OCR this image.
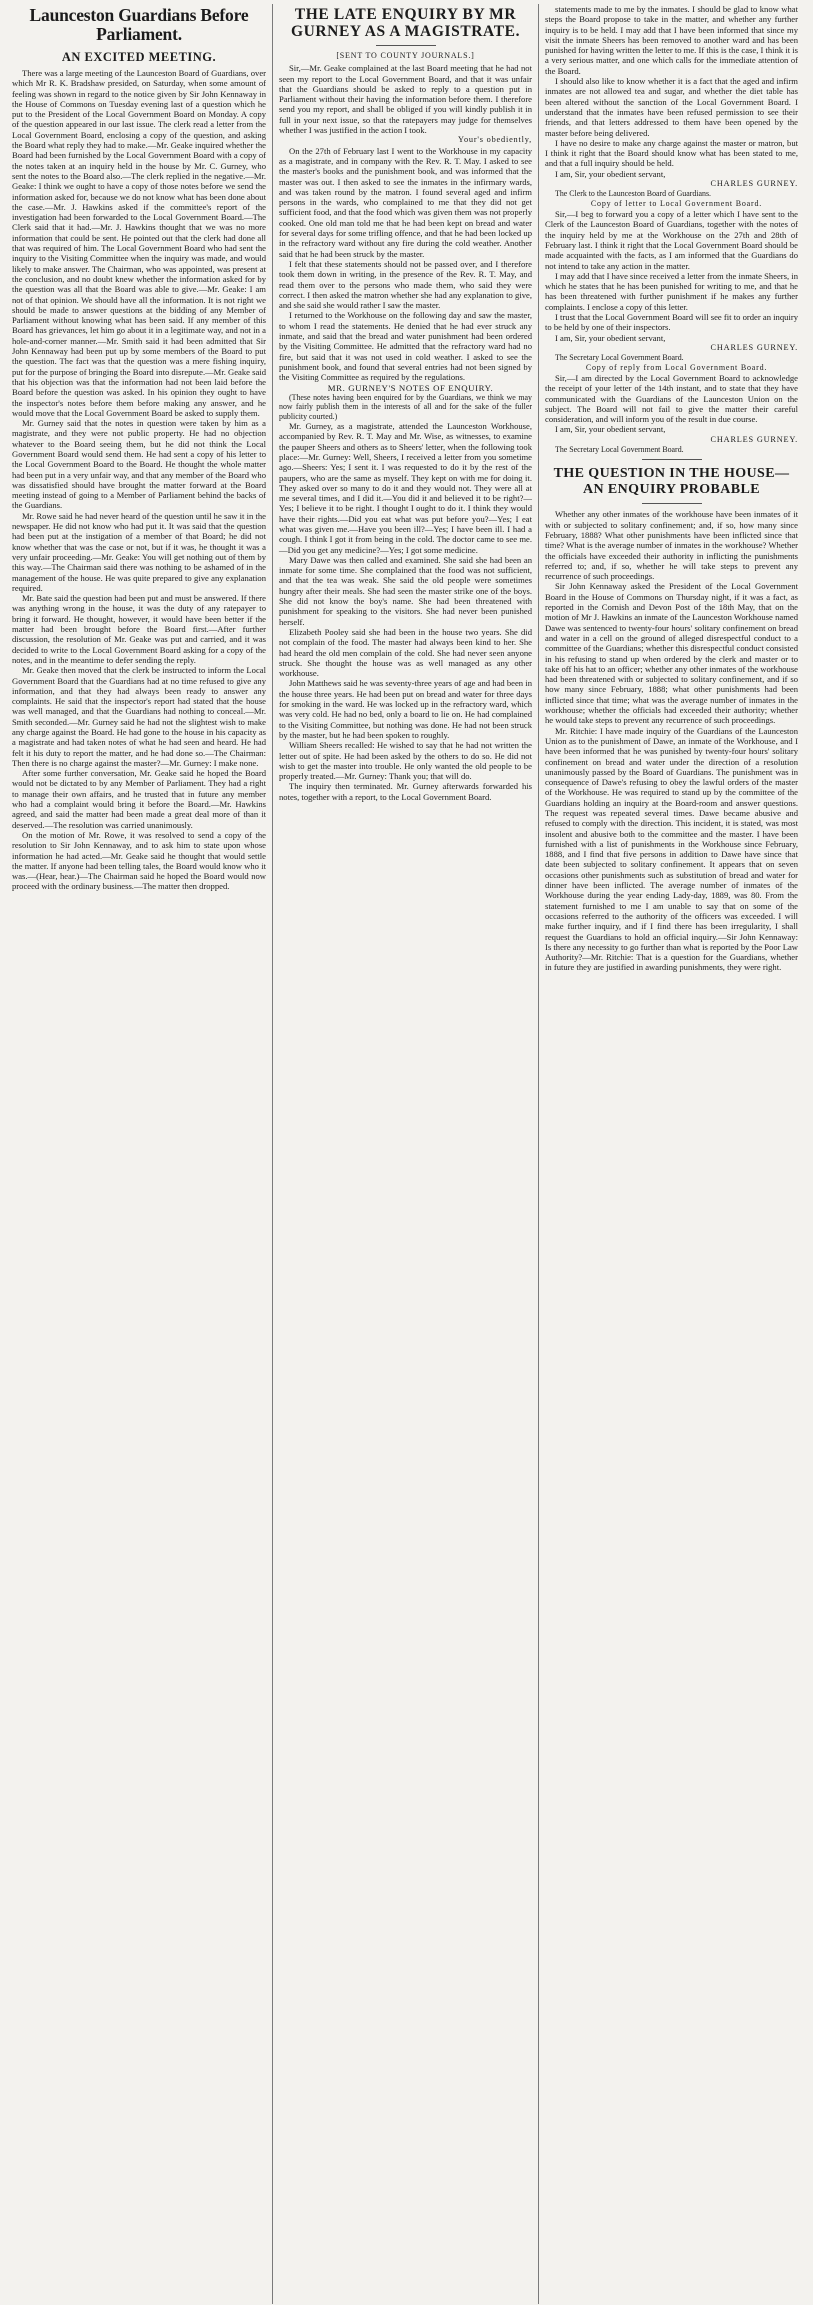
Launceston Guardians Before Parliament.
AN EXCITED MEETING.

There was a large meeting of the Launceston Board of Guardians, over which Mr R. K. Bradshaw presided, on Saturday, when some amount of feeling was shown in regard to the notice given by Sir John Kennaway in the House of Commons on Tuesday evening last of a question which he put to the President of the Local Government Board on Monday. A copy of the question appeared in our last issue. The clerk read a letter from the Local Government Board, enclosing a copy of the question, and asking the Board what reply they had to make.—Mr. Geake inquired whether the Board had been furnished by the Local Government Board with a copy of the notes taken at an inquiry held in the house by Mr. C. Gurney, who sent the notes to the Board also.—The clerk replied in the negative.—Mr. Geake: I think we ought to have a copy of those notes before we send the information asked for, because we do not know what has been done about the case.—Mr. J. Hawkins asked if the committee's report of the investigation had been forwarded to the Local Government Board.—The Clerk said that it had.—Mr. J. Hawkins thought that we was no more information that could be sent. He pointed out that the clerk had done all that was required of him. The Local Government Board who had sent the inquiry to the Visiting Committee when the inquiry was made, and would likely to make answer. The Chairman, who was appointed, was present at the conclusion, and no doubt knew whether the information asked for by the question was all that the Board was able to give.—Mr. Geake: I am not of that opinion. We should have all the information. It is not right we should be made to answer questions at the bidding of any Member of Parliament without knowing what has been said. If any member of this Board has grievances, let him go about it in a legitimate way, and not in a hole-and-corner manner.—Mr. Smith said it had been admitted that Sir John Kennaway had been put up by some members of the Board to put the question. The fact was that the question was a mere fishing inquiry, put for the purpose of bringing the Board into disrepute.—Mr. Geake said that his objection was that the information had not been laid before the Board before the question was asked. In his opinion they ought to have the inspector's notes before them before making any answer, and he would move that the Local Government Board be asked to supply them.

Mr. Gurney said that the notes in question were taken by him as a magistrate, and they were not public property. He had no objection whatever to the Board seeing them, but he did not think the Local Government Board would send them. He had sent a copy of his letter to the Local Government Board to the Board. He thought the whole matter had been put in a very unfair way, and that any member of the Board who was dissatisfied should have brought the matter forward at the Board meeting instead of going to a Member of Parliament behind the backs of the Guardians.

Mr. Rowe said he had never heard of the question until he saw it in the newspaper. He did not know who had put it. It was said that the question had been put at the instigation of a member of that Board; he did not know whether that was the case or not, but if it was, he thought it was a very unfair proceeding.—Mr. Geake: You will get nothing out of them by this way.—The Chairman said there was nothing to be ashamed of in the management of the house. He was quite prepared to give any explanation required.

Mr. Bate said the question had been put and must be answered. If there was anything wrong in the house, it was the duty of any ratepayer to bring it forward. He thought, however, it would have been better if the matter had been brought before the Board first.—After further discussion, the resolution of Mr. Geake was put and carried, and it was decided to write to the Local Government Board asking for a copy of the notes, and in the meantime to defer sending the reply.

Mr. Geake then moved that the clerk be instructed to inform the Local Government Board that the Guardians had at no time refused to give any information, and that they had always been ready to answer any complaints. He said that the inspector's report had stated that the house was well managed, and that the Guardians had nothing to conceal.—Mr. Smith seconded.—Mr. Gurney said he had not the slightest wish to make any charge against the Board. He had gone to the house in his capacity as a magistrate and had taken notes of what he had seen and heard. He had felt it his duty to report the matter, and he had done so.—The Chairman: Then there is no charge against the master?—Mr. Gurney: I make none.

After some further conversation, Mr. Geake said he hoped the Board would not be dictated to by any Member of Parliament. They had a right to manage their own affairs, and he trusted that in future any member who had a complaint would bring it before the Board.—Mr. Hawkins agreed, and said the matter had been made a great deal more of than it deserved.—The resolution was carried unanimously.

On the motion of Mr. Rowe, it was resolved to send a copy of the resolution to Sir John Kennaway, and to ask him to state upon whose information he had acted.—Mr. Geake said he thought that would settle the matter. If anyone had been telling tales, the Board would know who it was.—(Hear, hear.)—The Chairman said he hoped the Board would now proceed with the ordinary business.—The matter then dropped.

THE LATE ENQUIRY BY MR GURNEY AS A MAGISTRATE.
[SENT TO COUNTY JOURNALS.]

Sir,—Mr. Geake complained at the last Board meeting that he had not seen my report to the Local Government Board, and that it was unfair that the Guardians should be asked to reply to a question put in Parliament without their having the information before them. I therefore send you my report, and shall be obliged if you will kindly publish it in full in your next issue, so that the ratepayers may judge for themselves whether I was justified in the action I took.

Your's obediently,

On the 27th of February last I went to the Workhouse in my capacity as a magistrate, and in company with the Rev. R. T. May. I asked to see the master's books and the punishment book, and was informed that the master was out. I then asked to see the inmates in the infirmary wards, and was taken round by the matron. I found several aged and infirm persons in the wards, who complained to me that they did not get sufficient food, and that the food which was given them was not properly cooked. One old man told me that he had been kept on bread and water for several days for some trifling offence, and that he had been locked up in the refractory ward without any fire during the cold weather. Another said that he had been struck by the master.

I felt that these statements should not be passed over, and I therefore took them down in writing, in the presence of the Rev. R. T. May, and read them over to the persons who made them, who said they were correct. I then asked the matron whether she had any explanation to give, and she said she would rather I saw the master.

I returned to the Workhouse on the following day and saw the master, to whom I read the statements. He denied that he had ever struck any inmate, and said that the bread and water punishment had been ordered by the Visiting Committee. He admitted that the refractory ward had no fire, but said that it was not used in cold weather. I asked to see the punishment book, and found that several entries had not been signed by the Visiting Committee as required by the regulations.

MR. GURNEY'S NOTES OF ENQUIRY.

(These notes having been enquired for by the Guardians, we think we may now fairly publish them in the interests of all and for the sake of the fuller publicity courted.)

Mr. Gurney, as a magistrate, attended the Launceston Workhouse, accompanied by Rev. R. T. May and Mr. Wise, as witnesses, to examine the pauper Sheers and others as to Sheers' letter, when the following took place:—Mr. Gurney: Well, Sheers, I received a letter from you sometime ago.—Sheers: Yes; I sent it. I was requested to do it by the rest of the paupers, who are the same as myself. They kept on with me for doing it. They asked over so many to do it and they would not. They were all at me several times, and I did it.—You did it and believed it to be right?—Yes; I believe it to be right. I thought I ought to do it. I think they would have their rights.—Did you eat what was put before you?—Yes; I eat what was given me.—Have you been ill?—Yes; I have been ill. I had a cough. I think I got it from being in the cold. The doctor came to see me.—Did you get any medicine?—Yes; I got some medicine.

Mary Dawe was then called and examined. She said she had been an inmate for some time. She complained that the food was not sufficient, and that the tea was weak. She said the old people were sometimes hungry after their meals. She had seen the master strike one of the boys. She did not know the boy's name. She had been threatened with punishment for speaking to the visitors. She had never been punished herself.

Elizabeth Pooley said she had been in the house two years. She did not complain of the food. The master had always been kind to her. She had heard the old men complain of the cold. She had never seen anyone struck. She thought the house was as well managed as any other workhouse.

John Matthews said he was seventy-three years of age and had been in the house three years. He had been put on bread and water for three days for smoking in the ward. He was locked up in the refractory ward, which was very cold. He had no bed, only a board to lie on. He had complained to the Visiting Committee, but nothing was done. He had not been struck by the master, but he had been spoken to roughly.

William Sheers recalled: He wished to say that he had not written the letter out of spite. He had been asked by the others to do so. He did not wish to get the master into trouble. He only wanted the old people to be properly treated.—Mr. Gurney: Thank you; that will do.

The inquiry then terminated. Mr. Gurney afterwards forwarded his notes, together with a report, to the Local Government Board.

statements made to me by the inmates. I should be glad to know what steps the Board propose to take in the matter, and whether any further inquiry is to be held. I may add that I have been informed that since my visit the inmate Sheers has been removed to another ward and has been punished for having written the letter to me. If this is the case, I think it is a very serious matter, and one which calls for the immediate attention of the Board.

I should also like to know whether it is a fact that the aged and infirm inmates are not allowed tea and sugar, and whether the diet table has been altered without the sanction of the Local Government Board. I understand that the inmates have been refused permission to see their friends, and that letters addressed to them have been opened by the master before being delivered.

I have no desire to make any charge against the master or matron, but I think it right that the Board should know what has been stated to me, and that a full inquiry should be held.

I am, Sir, your obedient servant,

CHARLES GURNEY.

The Clerk to the Launceston Board of Guardians.

Copy of letter to Local Government Board.

Sir,—I beg to forward you a copy of a letter which I have sent to the Clerk of the Launceston Board of Guardians, together with the notes of the inquiry held by me at the Workhouse on the 27th and 28th of February last. I think it right that the Local Government Board should be made acquainted with the facts, as I am informed that the Guardians do not intend to take any action in the matter.

I may add that I have since received a letter from the inmate Sheers, in which he states that he has been punished for writing to me, and that he has been threatened with further punishment if he makes any further complaints. I enclose a copy of this letter.

I trust that the Local Government Board will see fit to order an inquiry to be held by one of their inspectors.

I am, Sir, your obedient servant,

CHARLES GURNEY.

The Secretary Local Government Board.

Copy of reply from Local Government Board.

Sir,—I am directed by the Local Government Board to acknowledge the receipt of your letter of the 14th instant, and to state that they have communicated with the Guardians of the Launceston Union on the subject. The Board will not fail to give the matter their careful consideration, and will inform you of the result in due course.

I am, Sir, your obedient servant,

CHARLES GURNEY.

The Secretary Local Government Board.

THE QUESTION IN THE HOUSE—AN ENQUIRY PROBABLE

Whether any other inmates of the workhouse have been inmates of it with or subjected to solitary confinement; and, if so, how many since February, 1888? What other punishments have been inflicted since that time? What is the average number of inmates in the workhouse? Whether the officials have exceeded their authority in inflicting the punishments referred to; and, if so, whether he will take steps to prevent any recurrence of such proceedings.

Sir John Kennaway asked the President of the Local Government Board in the House of Commons on Thursday night, if it was a fact, as reported in the Cornish and Devon Post of the 18th May, that on the motion of Mr J. Hawkins an inmate of the Launceston Workhouse named Dawe was sentenced to twenty-four hours' solitary confinement on bread and water in a cell on the ground of alleged disrespectful conduct to a committee of the Guardians; whether this disrespectful conduct consisted in his refusing to stand up when ordered by the clerk and master or to take off his hat to an officer; whether any other inmates of the workhouse had been threatened with or subjected to solitary confinement, and if so how many since February, 1888; what other punishments had been inflicted since that time; what was the average number of inmates in the workhouse; whether the officials had exceeded their authority; whether he would take steps to prevent any recurrence of such proceedings.

Mr. Ritchie: I have made inquiry of the Guardians of the Launceston Union as to the punishment of Dawe, an inmate of the Workhouse, and I have been informed that he was punished by twenty-four hours' solitary confinement on bread and water under the direction of a resolution unanimously passed by the Board of Guardians. The punishment was in consequence of Dawe's refusing to obey the lawful orders of the master of the Workhouse. He was required to stand up by the committee of the Guardians holding an inquiry at the Board-room and answer questions. The request was repeated several times. Dawe became abusive and refused to comply with the direction. This incident, it is stated, was most insolent and abusive both to the committee and the master. I have been furnished with a list of punishments in the Workhouse since February, 1888, and I find that five persons in addition to Dawe have since that date been subjected to solitary confinement. It appears that on seven occasions other punishments such as substitution of bread and water for dinner have been inflicted. The average number of inmates of the Workhouse during the year ending Lady-day, 1889, was 80. From the statement furnished to me I am unable to say that on some of the occasions referred to the authority of the officers was exceeded. I will make further inquiry, and if I find there has been irregularity, I shall request the Guardians to hold an official inquiry.—Sir John Kennaway: Is there any necessity to go further than what is reported by the Poor Law Authority?—Mr. Ritchie: That is a question for the Guardians, whether in future they are justified in awarding punishments, they were right.
